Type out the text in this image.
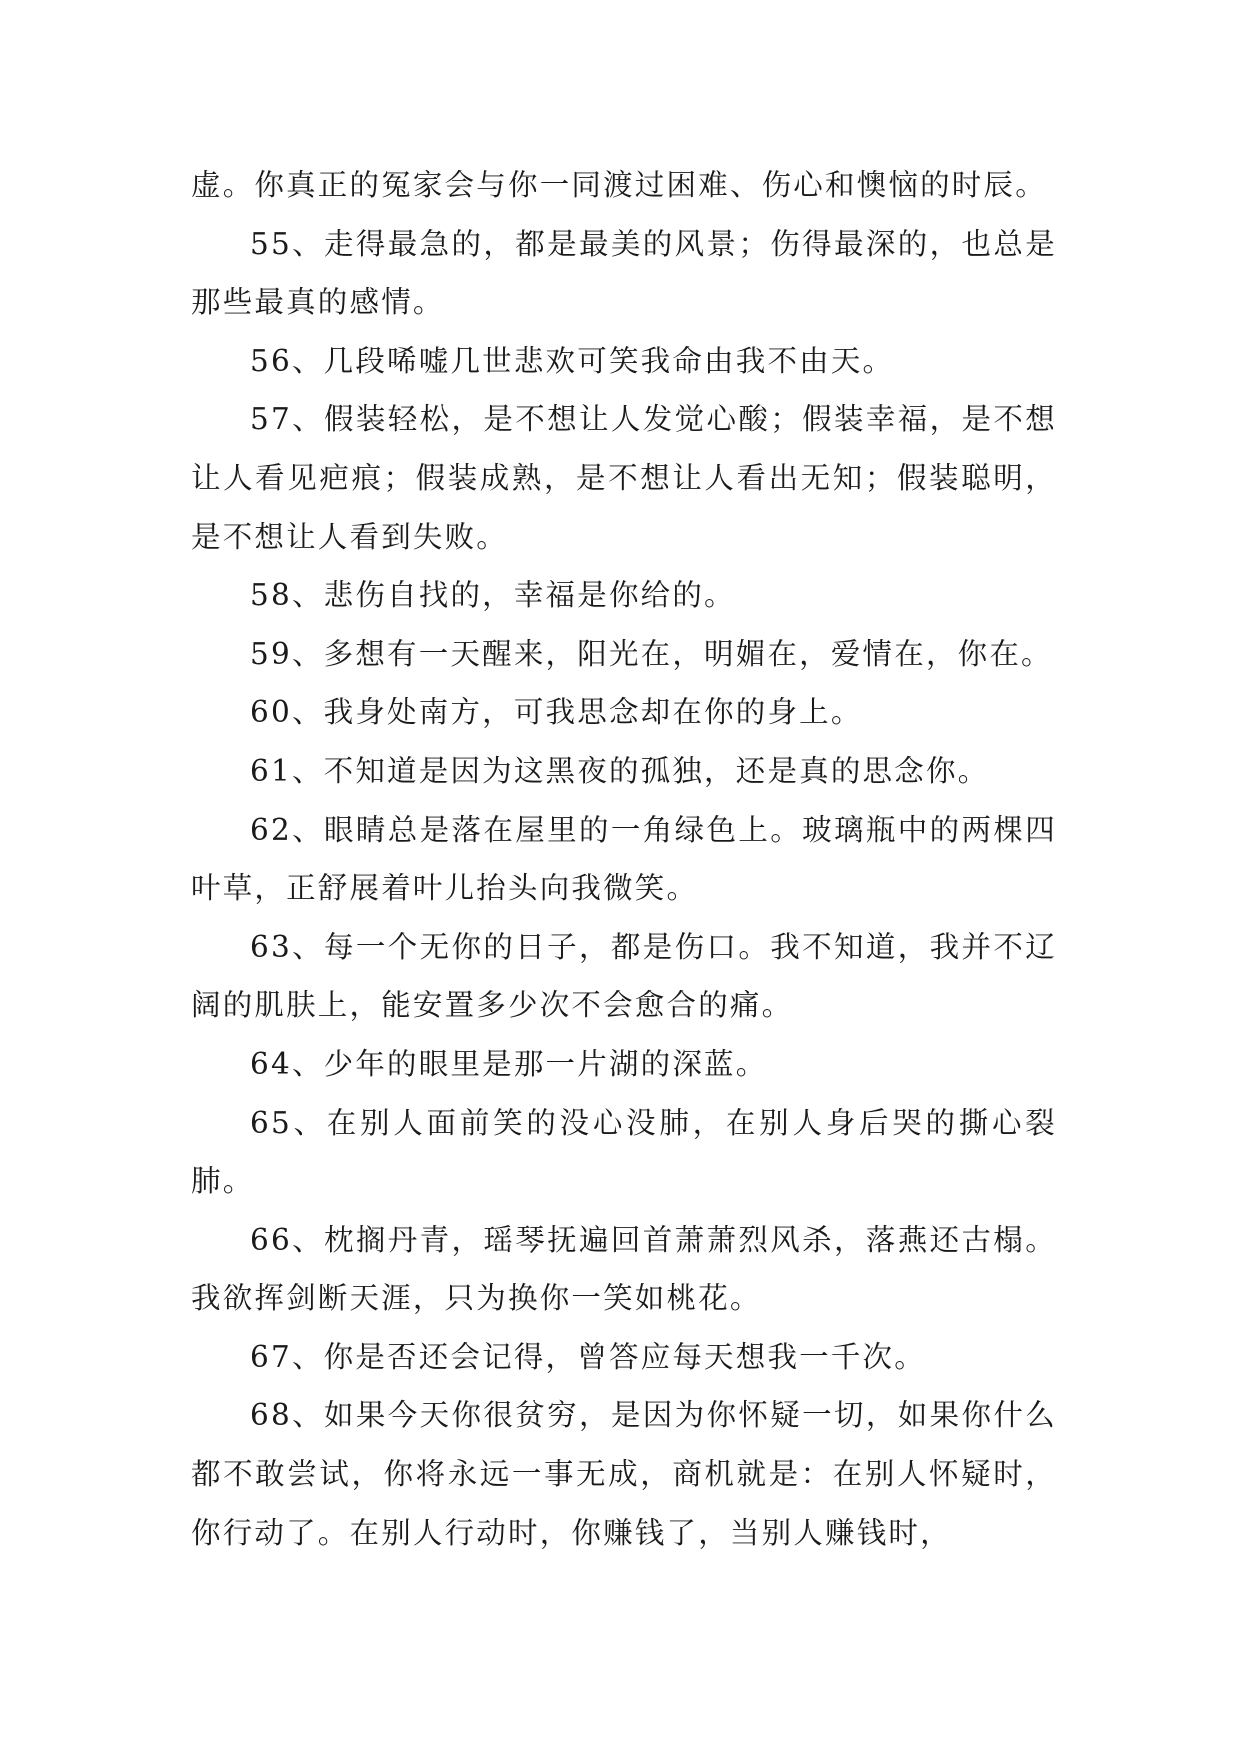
虚。你真正的冤家会与你一同渡过困难、伤心和懊恼的时辰。

55、走得最急的，都是最美的风景；伤得最深的，也总是那些最真的感情。

56、几段唏嘘几世悲欢可笑我命由我不由天。

57、假装轻松，是不想让人发觉心酸；假装幸福，是不想让人看见疤痕；假装成熟，是不想让人看出无知；假装聪明，是不想让人看到失败。

58、悲伤自找的，幸福是你给的。

59、多想有一天醒来，阳光在，明媚在，爱情在，你在。

60、我身处南方，可我思念却在你的身上。

61、不知道是因为这黑夜的孤独，还是真的思念你。

62、眼睛总是落在屋里的一角绿色上。玻璃瓶中的两棵四叶草，正舒展着叶儿抬头向我微笑。

63、每一个无你的日子，都是伤口。我不知道，我并不辽阔的肌肤上，能安置多少次不会愈合的痛。

64、少年的眼里是那一片湖的深蓝。

65、在别人面前笑的没心没肺，在别人身后哭的撕心裂肺。

66、枕搁丹青，瑶琴抚遍回首萧萧烈风杀，落燕还古榻。我欲挥剑断天涯，只为换你一笑如桃花。

67、你是否还会记得，曾答应每天想我一千次。

68、如果今天你很贫穷，是因为你怀疑一切，如果你什么都不敢尝试，你将永远一事无成，商机就是：在别人怀疑时，你行动了。在别人行动时，你赚钱了，当别人赚钱时，
